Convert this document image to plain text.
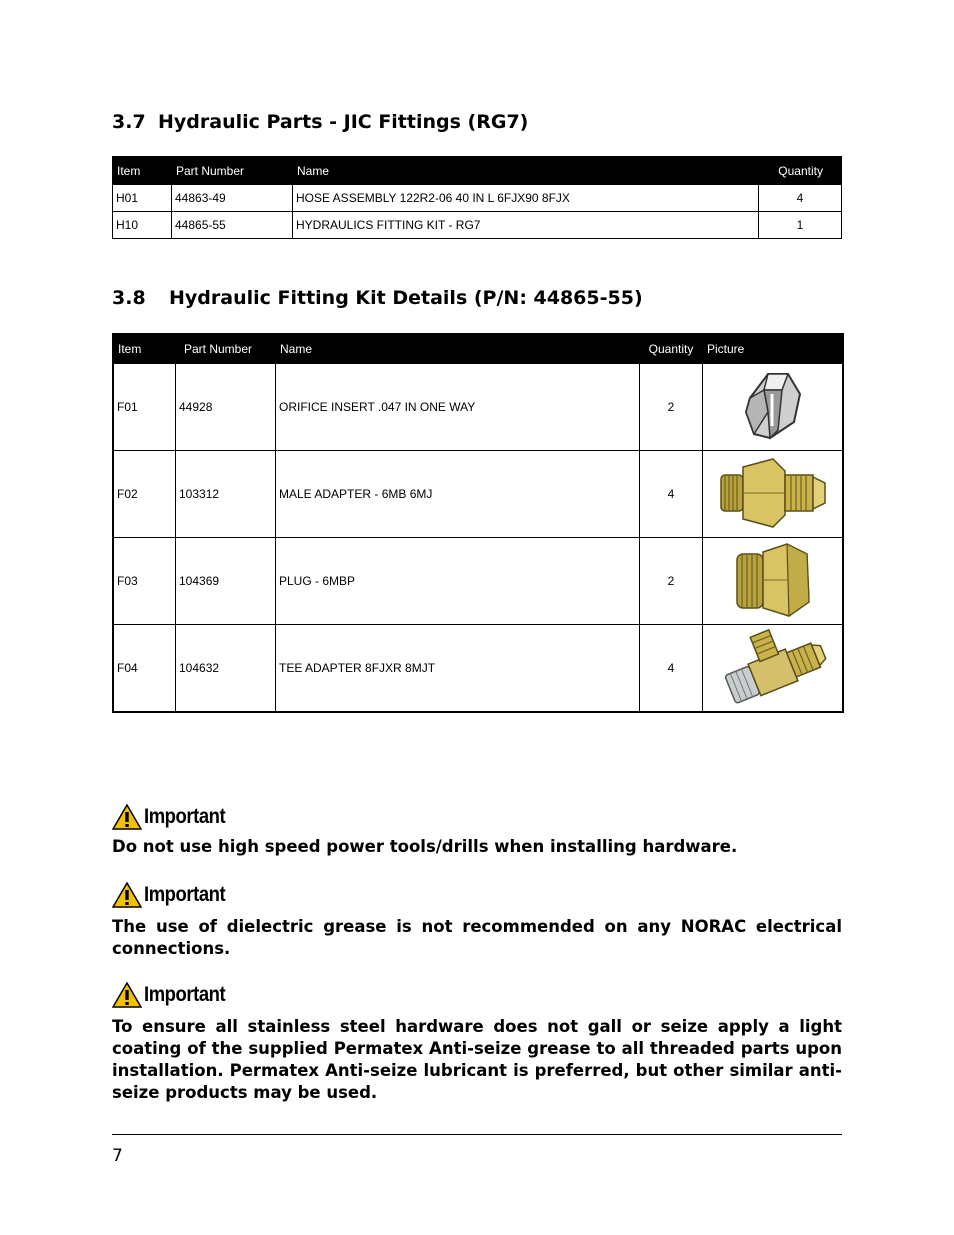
3.7 Hydraulic Parts - JIC Fittings (RG7)
Item	Part Number	Name	Quantity
H01	44863-49	HOSE ASSEMBLY 122R2-06 40 IN L 6FJX90 8FJX	4
H10	44865-55	HYDRAULICS FITTING KIT - RG7	1
3.8 Hydraulic Fitting Kit Details (P/N: 44865-55)
Item	Part Number	Name	Quantity	Picture
F01	44928	ORIFICE INSERT .047 IN ONE WAY	2	
F02	103312	MALE ADAPTER - 6MB 6MJ	4	
F03	104369	PLUG - 6MBP	2	
F04	104632	TEE ADAPTER 8FJXR 8MJT	4	
Important
Do not use high speed power tools/drills when installing hardware.
Important
The use of dielectric grease is not recommended on any NORAC electrical connections.
Important
To ensure all stainless steel hardware does not gall or seize apply a light coating of the supplied Permatex Anti-seize grease to all threaded parts upon installation. Permatex Anti-seize lubricant is preferred, but other similar anti-seize products may be used.
7
